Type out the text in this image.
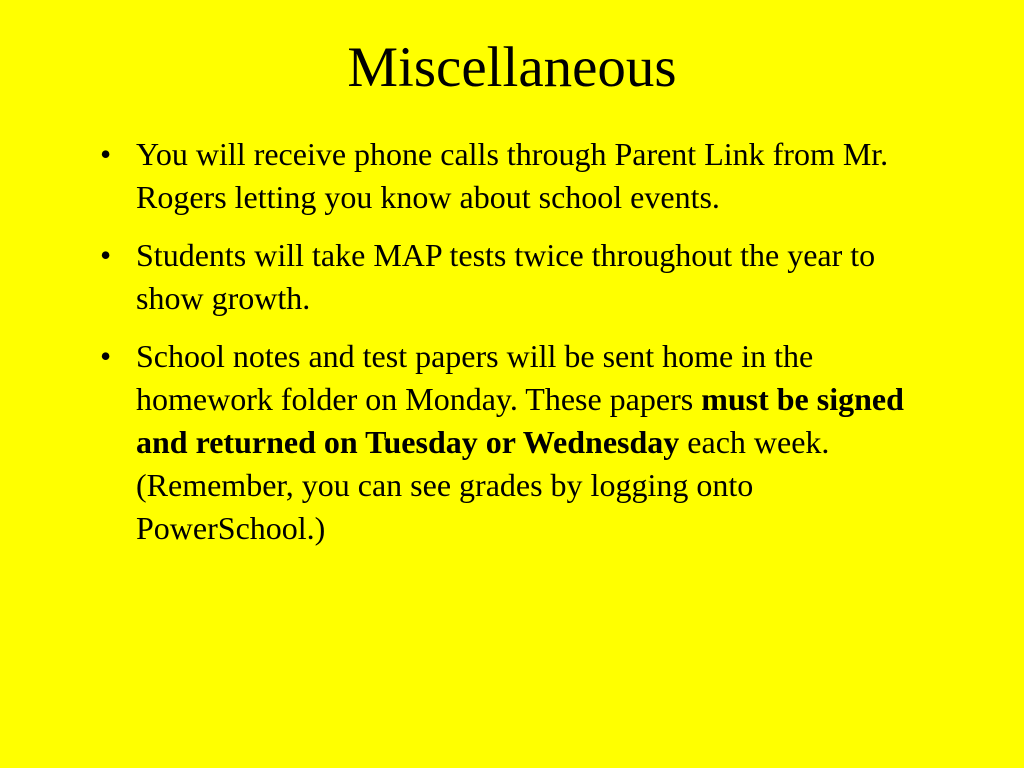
Miscellaneous
• You will receive phone calls through Parent Link from Mr. Rogers letting you know about school events.
• Students will take MAP tests twice throughout the year to show growth.
• School notes and test papers will be sent home in the homework folder on Monday. These papers must be signed and returned on Tuesday or Wednesday each week. (Remember, you can see grades by logging onto PowerSchool.)
